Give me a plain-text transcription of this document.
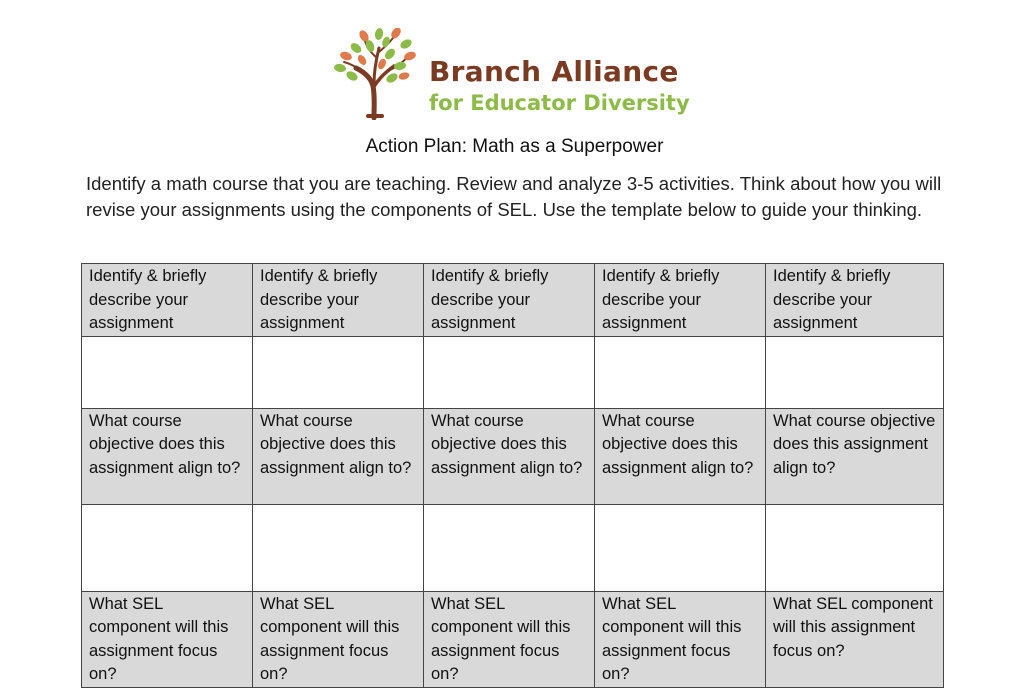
Branch Alliance
for Educator Diversity
Action Plan: Math as a Superpower
Identify a math course that you are teaching. Review and analyze 3-5 activities. Think about how you will revise your assignments using the components of SEL. Use the template below to guide your thinking.
Identify & briefly describe your assignment	Identify & briefly describe your assignment	Identify & briefly describe your assignment	Identify & briefly describe your assignment	Identify & briefly describe your assignment

What course objective does this assignment align to?	What course objective does this assignment align to?	What course objective does this assignment align to?	What course objective does this assignment align to?	What course objective does this assignment align to?

What SEL component will this assignment focus on?	What SEL component will this assignment focus on?	What SEL component will this assignment focus on?	What SEL component will this assignment focus on?	What SEL component will this assignment focus on?
